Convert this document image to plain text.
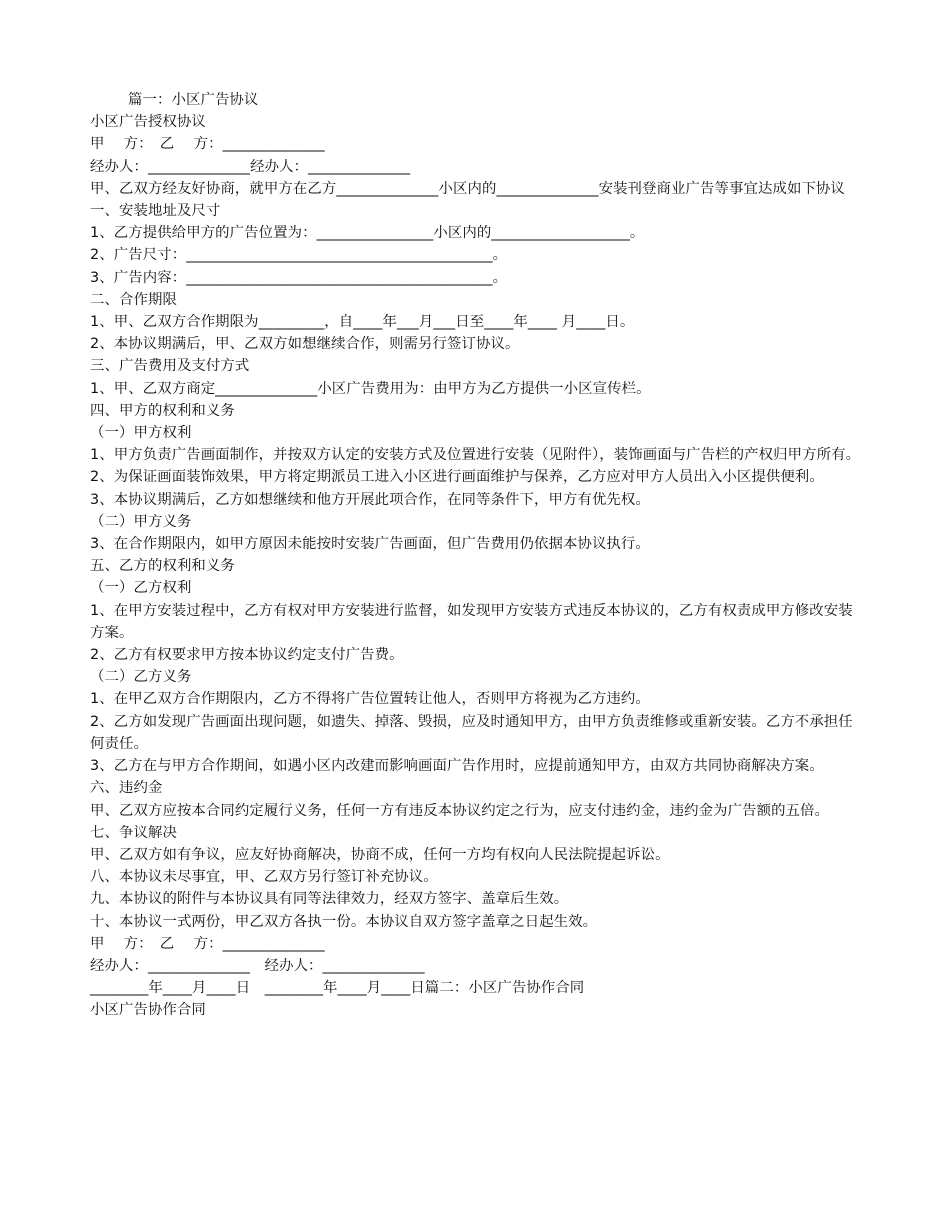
篇一：小区广告协议
小区广告授权协议
甲　 方：　乙　 方：______________
经办人：______________经办人：______________
甲、乙双方经友好协商，就甲方在乙方______________小区内的______________安装刊登商业广告等事宜达成如下协议
一、安装地址及尺寸
1、乙方提供给甲方的广告位置为：________________小区内的___________________。
2、广告尺寸：__________________________________________。
3、广告内容：__________________________________________。
二、合作期限
1、甲、乙双方合作期限为_________，自____年___月___日至____年____ 月____日。
2、本协议期满后，甲、乙双方如想继续合作，则需另行签订协议。
三、广告费用及支付方式
1、甲、乙双方商定______________小区广告费用为：由甲方为乙方提供一小区宣传栏。
四、甲方的权利和义务
（一）甲方权利
1、甲方负责广告画面制作，并按双方认定的安装方式及位置进行安装（见附件），装饰画面与广告栏的产权归甲方所有。
2、为保证画面装饰效果，甲方将定期派员工进入小区进行画面维护与保养，乙方应对甲方人员出入小区提供便利。
3、本协议期满后，乙方如想继续和他方开展此项合作，在同等条件下，甲方有优先权。
（二）甲方义务
3、在合作期限内，如甲方原因未能按时安装广告画面，但广告费用仍依据本协议执行。
五、乙方的权利和义务
（一）乙方权利
1、在甲方安装过程中，乙方有权对甲方安装进行监督，如发现甲方安装方式违反本协议的，乙方有权责成甲方修改安装方案。
2、乙方有权要求甲方按本协议约定支付广告费。
（二）乙方义务
1、在甲乙双方合作期限内，乙方不得将广告位置转让他人，否则甲方将视为乙方违约。
2、乙方如发现广告画面出现问题，如遗失、掉落、毁损，应及时通知甲方，由甲方负责维修或重新安装。乙方不承担任何责任。
3、乙方在与甲方合作期间，如遇小区内改建而影响画面广告作用时，应提前通知甲方，由双方共同协商解决方案。
六、违约金
甲、乙双方应按本合同约定履行义务，任何一方有违反本协议约定之行为，应支付违约金，违约金为广告额的五倍。
七、争议解决
甲、乙双方如有争议，应友好协商解决，协商不成，任何一方均有权向人民法院提起诉讼。
八、本协议未尽事宜，甲、乙双方另行签订补充协议。
九、本协议的附件与本协议具有同等法律效力，经双方签字、盖章后生效。
十、本协议一式两份，甲乙双方各执一份。本协议自双方签字盖章之日起生效。
甲　 方：　乙　 方：______________
经办人：______________　经办人：______________
________年____月____日　________年____月____日篇二：小区广告协作合同
小区广告协作合同
